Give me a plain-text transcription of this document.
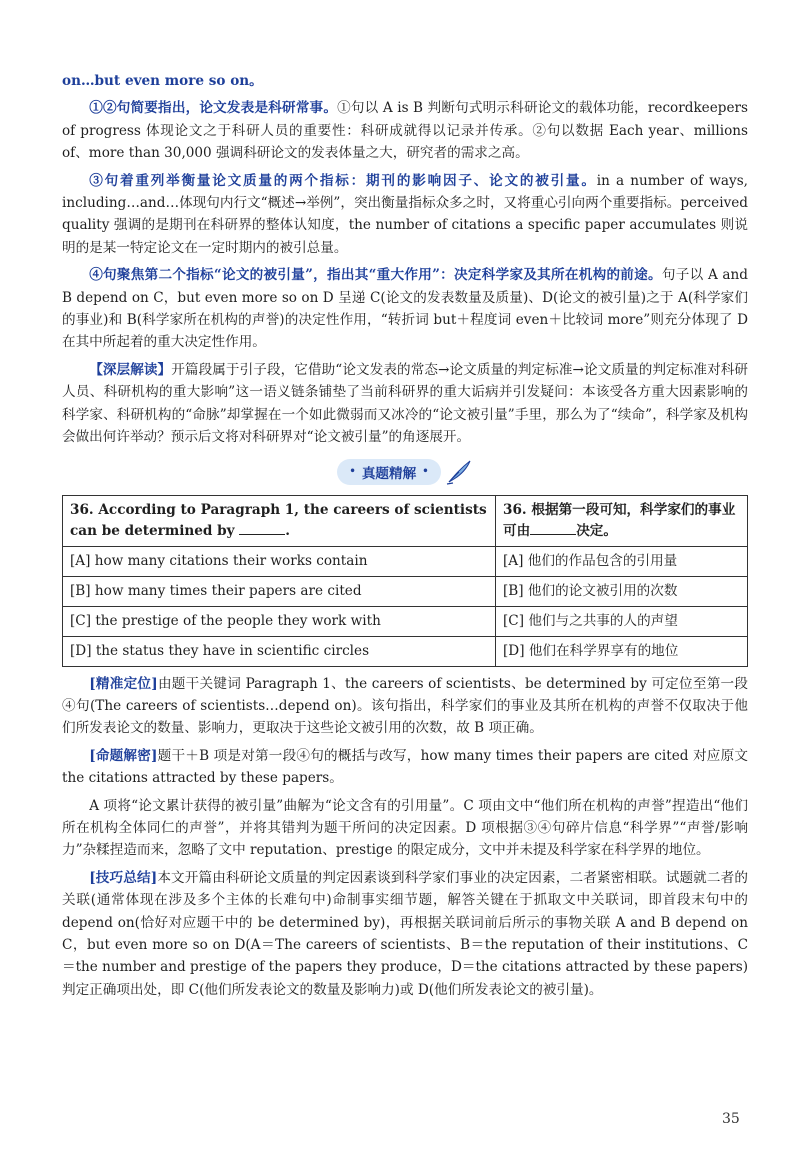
on…but even more so on。

①②句简要指出，论文发表是科研常事。①句以 A is B 判断句式明示科研论文的载体功能，recordkeepers of progress 体现论文之于科研人员的重要性：科研成就得以记录并传承。②句以数据 Each year、millions of、more than 30,000 强调科研论文的发表体量之大，研究者的需求之高。

③句着重列举衡量论文质量的两个指标：期刊的影响因子、论文的被引量。in a number of ways, including…and…体现句内行文“概述→举例”，突出衡量指标众多之时，又将重心引向两个重要指标。perceived quality 强调的是期刊在科研界的整体认知度，the number of citations a specific paper accumulates 则说明的是某一特定论文在一定时期内的被引总量。

④句聚焦第二个指标“论文的被引量”，指出其“重大作用”：决定科学家及其所在机构的前途。句子以 A and B depend on C，but even more so on D 呈递 C(论文的发表数量及质量)、D(论文的被引量)之于 A(科学家们的事业)和 B(科学家所在机构的声誉)的决定性作用，“转折词 but＋程度词 even＋比较词 more”则充分体现了 D 在其中所起着的重大决定性作用。

【深层解读】开篇段属于引子段，它借助“论文发表的常态→论文质量的判定标准→论文质量的判定标准对科研人员、科研机构的重大影响”这一语义链条铺垫了当前科研界的重大诟病并引发疑问：本该受各方重大因素影响的科学家、科研机构的“命脉”却掌握在一个如此微弱而又冰冷的“论文被引量”手里，那么为了“续命”，科学家及机构会做出何许举动？预示后文将对科研界对“论文被引量”的角逐展开。

• 真题精解 •
36. According to Paragraph 1, the careers of scientists can be determined by .	36. 根据第一段可知，科学家们的事业可由 决定。
[A] how many citations their works contain	[A] 他们的作品包含的引用量
[B] how many times their papers are cited	[B] 他们的论文被引用的次数
[C] the prestige of the people they work with	[C] 他们与之共事的人的声望
[D] the status they have in scientific circles	[D] 他们在科学界享有的地位

[精准定位]由题干关键词 Paragraph 1、the careers of scientists、be determined by 可定位至第一段④句(The careers of scientists…depend on)。该句指出，科学家们的事业及其所在机构的声誉不仅取决于他们所发表论文的数量、影响力，更取决于这些论文被引用的次数，故 B 项正确。

[命题解密]题干＋B 项是对第一段④句的概括与改写，how many times their papers are cited 对应原文 the citations attracted by these papers。

A 项将“论文累计获得的被引量”曲解为“论文含有的引用量”。C 项由文中“他们所在机构的声誉”捏造出“他们所在机构全体同仁的声誉”，并将其错判为题干所问的决定因素。D 项根据③④句碎片信息“科学界”“声誉/影响力”杂糅捏造而来，忽略了文中 reputation、prestige 的限定成分，文中并未提及科学家在科学界的地位。

[技巧总结]本文开篇由科研论文质量的判定因素谈到科学家们事业的决定因素，二者紧密相联。试题就二者的关联(通常体现在涉及多个主体的长难句中)命制事实细节题，解答关键在于抓取文中关联词，即首段末句中的 depend on(恰好对应题干中的 be determined by)，再根据关联词前后所示的事物关联 A and B depend on C，but even more so on D(A＝The careers of scientists、B＝the reputation of their institutions、C＝the number and prestige of the papers they produce，D＝the citations attracted by these papers)判定正确项出处，即 C(他们所发表论文的数量及影响力)或 D(他们所发表论文的被引量)。

35
